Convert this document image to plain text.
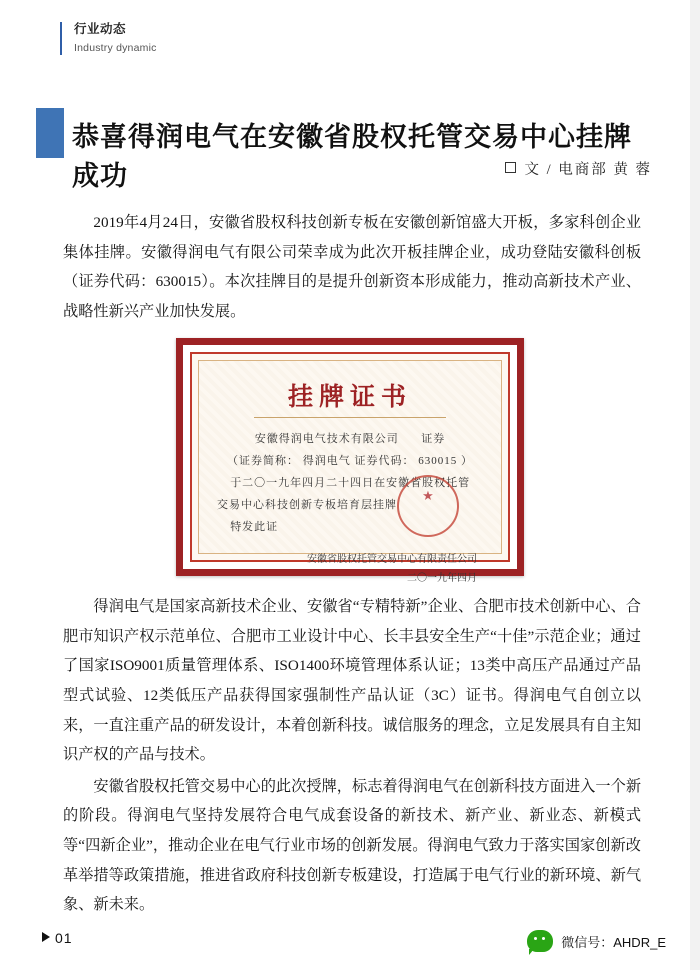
行业动态
Industry dynamic
恭喜得润电气在安徽省股权托管交易中心挂牌成功	文 / 电商部 黄 蓉

2019年4月24日，安徽省股权科技创新专板在安徽创新馆盛大开板，多家科创企业集体挂牌。安徽得润电气有限公司荣幸成为此次开板挂牌企业，成功登陆安徽科创板（证券代码：630015）。本次挂牌目的是提升创新资本形成能力，推动高新技术产业、战略性新兴产业加快发展。

挂牌证书
安徽得润电气技术有限公司 证券
（证券简称： 得润电气 证券代码： 630015 ）
于二〇一九年四月二十四日在安徽省股权托管
交易中心科技创新专板培育层挂牌
特发此证
安徽省股权托管交易中心有限责任公司
二〇一九年四月
★

得润电气是国家高新技术企业、安徽省“专精特新”企业、合肥市技术创新中心、合肥市知识产权示范单位、合肥市工业设计中心、长丰县安全生产“十佳”示范企业；通过了国家ISO9001质量管理体系、ISO1400环境管理体系认证；13类中高压产品通过产品型式试验、12类低压产品获得国家强制性产品认证（3C）证书。得润电气自创立以来，一直注重产品的研发设计，本着创新科技。诚信服务的理念，立足发展具有自主知识产权的产品与技术。

安徽省股权托管交易中心的此次授牌，标志着得润电气在创新科技方面进入一个新的阶段。得润电气坚持发展符合电气成套设备的新技术、新产业、新业态、新模式等“四新企业”，推动企业在电气行业市场的创新发展。得润电气致力于落实国家创新改革举措等政策措施，推进省政府科技创新专板建设，打造属于电气行业的新环境、新气象、新未来。

01	微信号：AHDR_E
